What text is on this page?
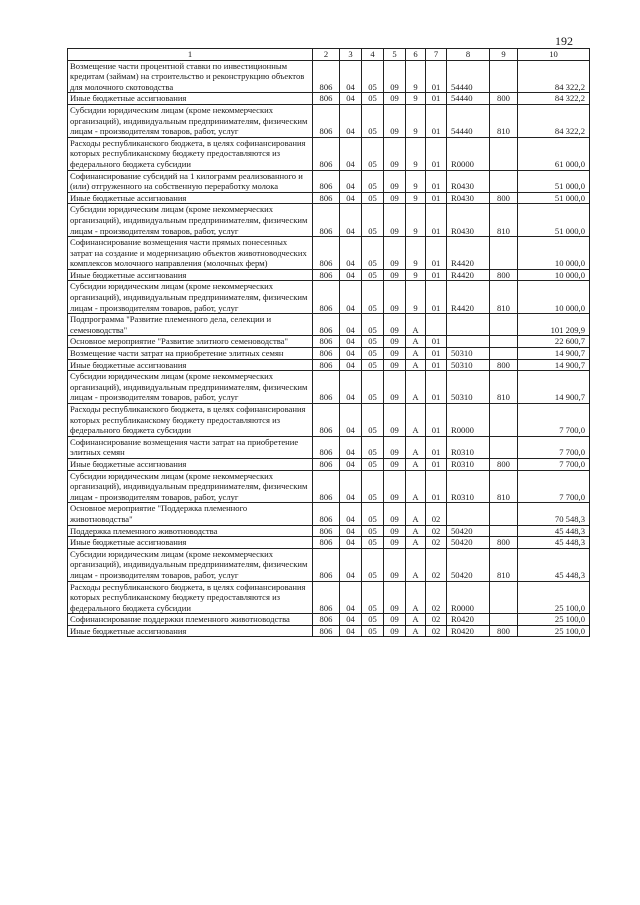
192
1	2	3	4	5	6	7	8	9	10
Возмещение части процентной ставки по инвестиционным кредитам (займам) на строительство и реконструкцию объектов для молочного скотоводства	806	04	05	09	9	01	54440		84 322,2
Иные бюджетные ассигнования	806	04	05	09	9	01	54440	800	84 322,2
Субсидии юридическим лицам (кроме некоммерческих организаций), индивидуальным предпринимателям, физическим лицам - производителям товаров, работ, услуг	806	04	05	09	9	01	54440	810	84 322,2
Расходы республиканского бюджета, в целях софинансирования которых республиканскому бюджету предоставляются из федерального бюджета субсидии	806	04	05	09	9	01	R0000		61 000,0
Софинансирование субсидий на 1 килограмм реализованного и (или) отгруженного на собственную переработку молока	806	04	05	09	9	01	R0430		51 000,0
Иные бюджетные ассигнования	806	04	05	09	9	01	R0430	800	51 000,0
Субсидии юридическим лицам (кроме некоммерческих организаций), индивидуальным предпринимателям, физическим лицам - производителям товаров, работ, услуг	806	04	05	09	9	01	R0430	810	51 000,0
Софинансирование возмещения части прямых понесенных затрат на создание и модернизацию объектов животноводческих комплексов молочного направления (молочных ферм)	806	04	05	09	9	01	R4420		10 000,0
Иные бюджетные ассигнования	806	04	05	09	9	01	R4420	800	10 000,0
Субсидии юридическим лицам (кроме некоммерческих организаций), индивидуальным предпринимателям, физическим лицам - производителям товаров, работ, услуг	806	04	05	09	9	01	R4420	810	10 000,0
Подпрограмма "Развитие племенного дела, селекции и семеноводства"	806	04	05	09	А				101 209,9
Основное мероприятие "Развитие элитного семеноводства"	806	04	05	09	А	01			22 600,7
Возмещение части затрат на приобретение элитных семян	806	04	05	09	А	01	50310		14 900,7
Иные бюджетные ассигнования	806	04	05	09	А	01	50310	800	14 900,7
Субсидии юридическим лицам (кроме некоммерческих организаций), индивидуальным предпринимателям, физическим лицам - производителям товаров, работ, услуг	806	04	05	09	А	01	50310	810	14 900,7
Расходы республиканского бюджета, в целях софинансирования которых республиканскому бюджету предоставляются из федерального бюджета субсидии	806	04	05	09	А	01	R0000		7 700,0
Софинансирование возмещения части затрат на приобретение элитных семян	806	04	05	09	А	01	R0310		7 700,0
Иные бюджетные ассигнования	806	04	05	09	А	01	R0310	800	7 700,0
Субсидии юридическим лицам (кроме некоммерческих организаций), индивидуальным предпринимателям, физическим лицам - производителям товаров, работ, услуг	806	04	05	09	А	01	R0310	810	7 700,0
Основное мероприятие "Поддержка племенного животноводства"	806	04	05	09	А	02			70 548,3
Поддержка племенного животноводства	806	04	05	09	А	02	50420		45 448,3
Иные бюджетные ассигнования	806	04	05	09	А	02	50420	800	45 448,3
Субсидии юридическим лицам (кроме некоммерческих организаций), индивидуальным предпринимателям, физическим лицам - производителям товаров, работ, услуг	806	04	05	09	А	02	50420	810	45 448,3
Расходы республиканского бюджета, в целях софинансирования которых республиканскому бюджету предоставляются из федерального бюджета субсидии	806	04	05	09	А	02	R0000		25 100,0
Софинансирование поддержки племенного животноводства	806	04	05	09	А	02	R0420		25 100,0
Иные бюджетные ассигнования	806	04	05	09	А	02	R0420	800	25 100,0
